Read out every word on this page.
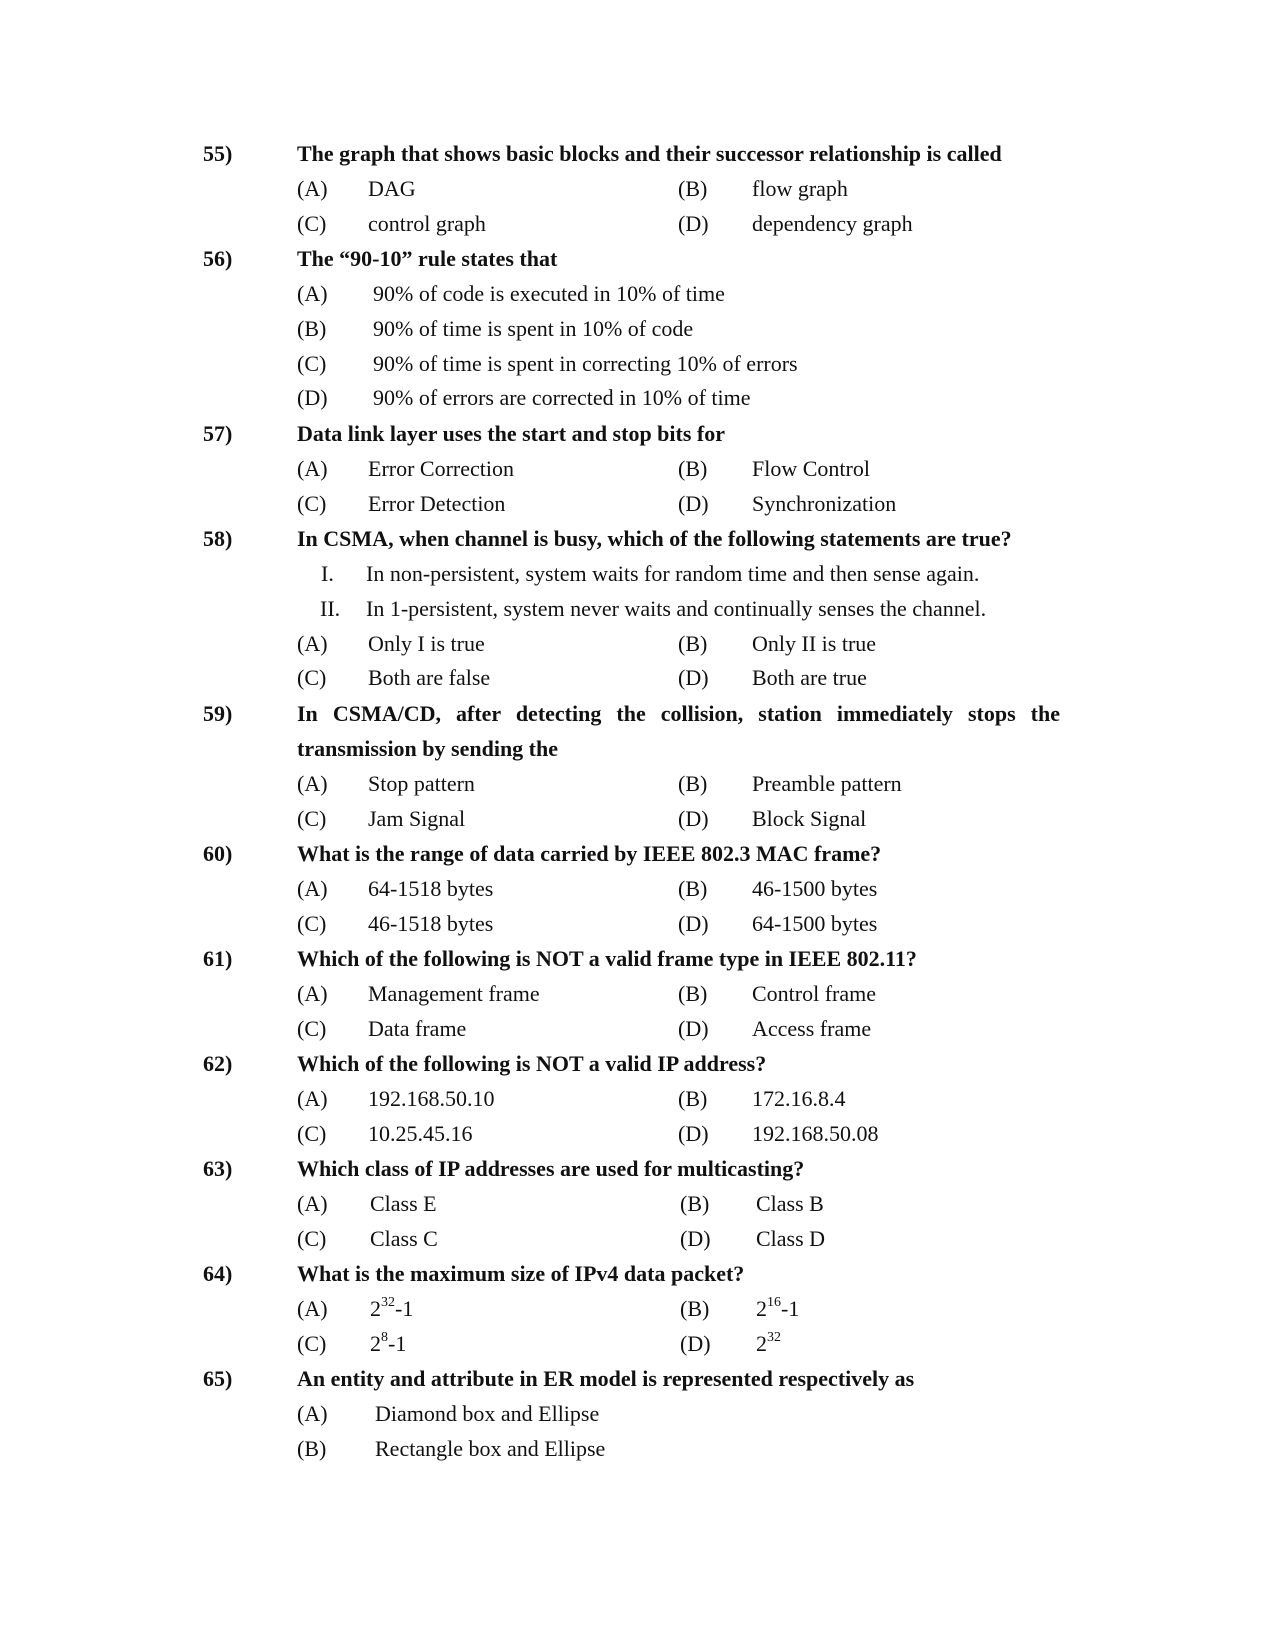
55)	The graph that shows basic blocks and their successor relationship is called
(A) DAG	(B) flow graph
(C) control graph	(D) dependency graph
56)	The “90-10” rule states that
(A) 90% of code is executed in 10% of time
(B) 90% of time is spent in 10% of code
(C) 90% of time is spent in correcting 10% of errors
(D) 90% of errors are corrected in 10% of time
57)	Data link layer uses the start and stop bits for
(A) Error Correction	(B) Flow Control
(C) Error Detection	(D) Synchronization
58)	In CSMA, when channel is busy, which of the following statements are true?
I. In non-persistent, system waits for random time and then sense again.
II. In 1-persistent, system never waits and continually senses the channel.
(A) Only I is true	(B) Only II is true
(C) Both are false	(D) Both are true
59)	In CSMA/CD, after detecting the collision, station immediately stops the
transmission by sending the
(A) Stop pattern	(B) Preamble pattern
(C) Jam Signal	(D) Block Signal
60)	What is the range of data carried by IEEE 802.3 MAC frame?
(A) 64-1518 bytes	(B) 46-1500 bytes
(C) 46-1518 bytes	(D) 64-1500 bytes
61)	Which of the following is NOT a valid frame type in IEEE 802.11?
(A) Management frame	(B) Control frame
(C) Data frame	(D) Access frame
62)	Which of the following is NOT a valid IP address?
(A) 192.168.50.10	(B) 172.16.8.4
(C) 10.25.45.16	(D) 192.168.50.08
63)	Which class of IP addresses are used for multicasting?
(A) Class E	(B) Class B
(C) Class C	(D) Class D
64)	What is the maximum size of IPv4 data packet?
(A) $2^{32}-1$	(B) $2^{16}-1$
(C) $2^8-1$	(D) $2^{32}$
65)	An entity and attribute in ER model is represented respectively as
(A) Diamond box and Ellipse
(B) Rectangle box and Ellipse
